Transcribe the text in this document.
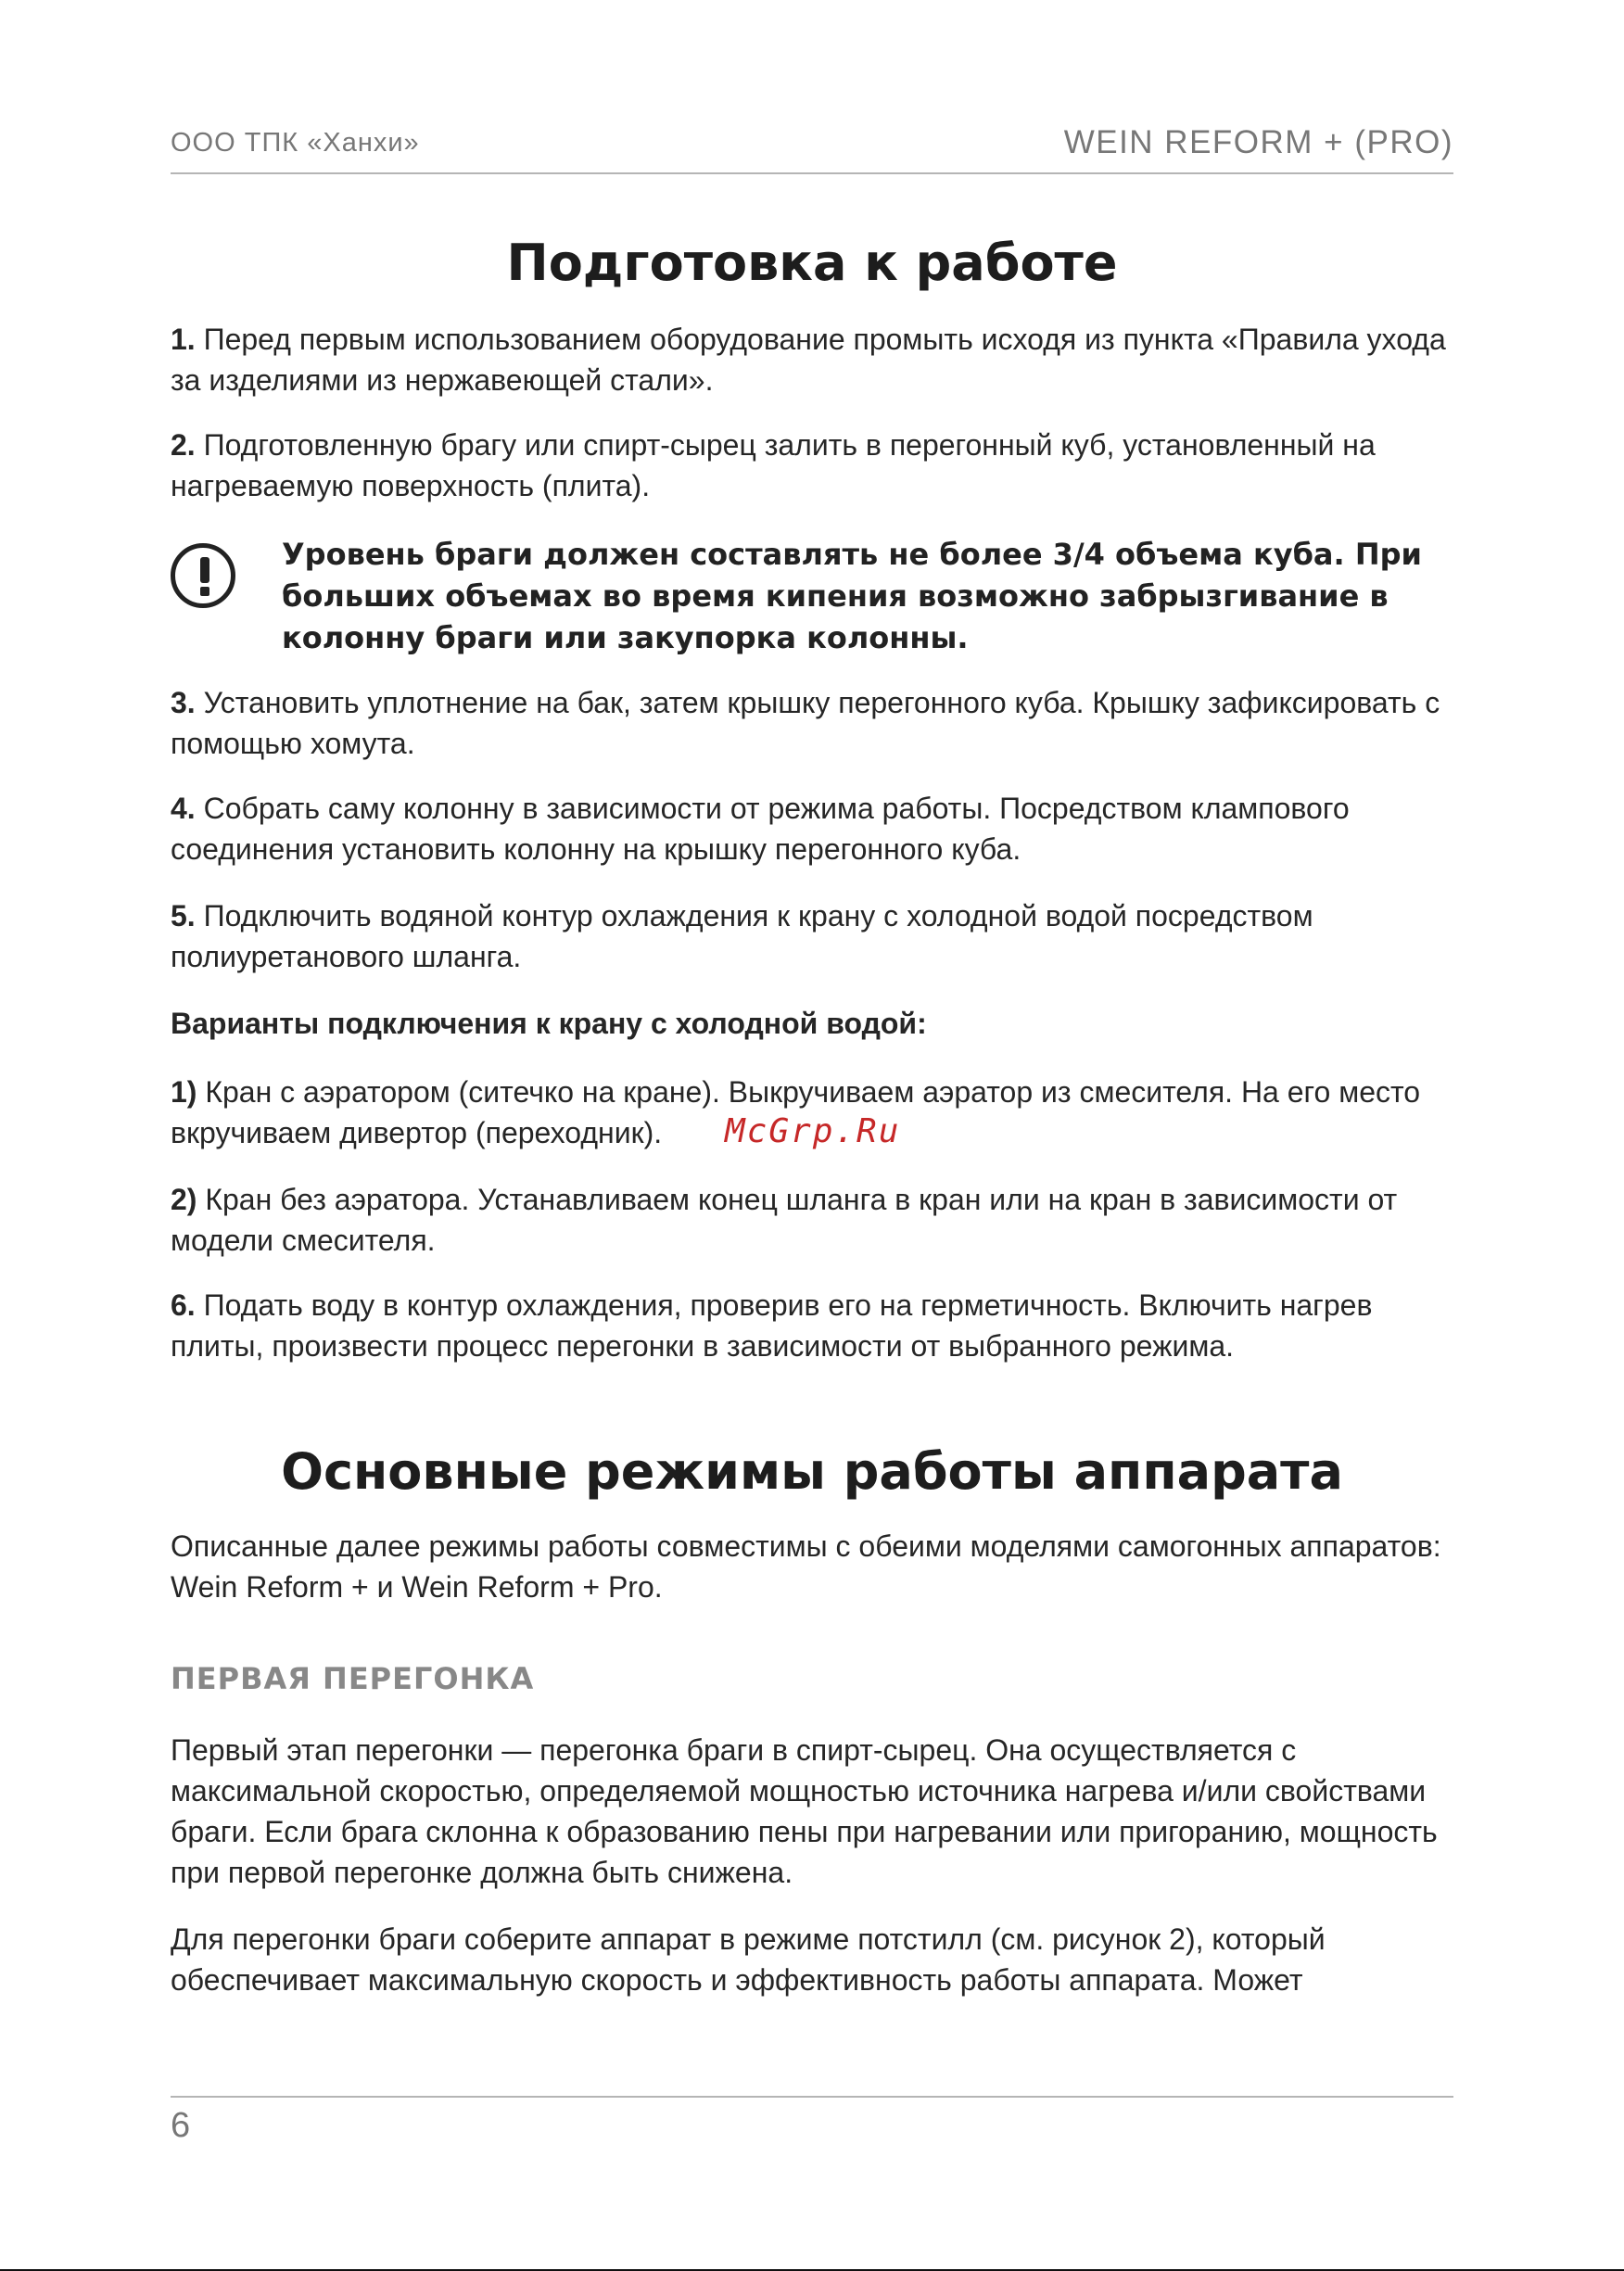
ООО ТПК «Ханхи»	WEIN REFORM + (PRO)
Подготовка к работе
1. Перед первым использованием оборудование промыть исходя из пункта «Правила ухода за изделиями из нержавеющей стали».
2. Подготовленную брагу или спирт-сырец залить в перегонный куб, установленный на нагреваемую поверхность (плита).
Уровень браги должен составлять не более 3/4 объема куба. При больших объемах во время кипения возможно забрызгивание в колонну браги или закупорка колонны.
3. Установить уплотнение на бак, затем крышку перегонного куба. Крышку зафиксировать с помощью хомута.
4. Собрать саму колонну в зависимости от режима работы. Посредством клампового соединения установить колонну на крышку перегонного куба.
5. Подключить водяной контур охлаждения к крану с холодной водой посредством полиуретанового шланга.
Варианты подключения к крану с холодной водой:
1) Кран с аэратором (ситечко на кране). Выкручиваем аэратор из смесителя. На его место вкручиваем дивертор (переходник).	McGrp.Ru
2) Кран без аэратора. Устанавливаем конец шланга в кран или на кран в зависимости от модели смесителя.
6. Подать воду в контур охлаждения, проверив его на герметичность. Включить нагрев плиты, произвести процесс перегонки в зависимости от выбранного режима.
Основные режимы работы аппарата
Описанные далее режимы работы совместимы с обеими моделями самогонных аппаратов: Wein Reform + и Wein Reform + Pro.
ПЕРВАЯ ПЕРЕГОНКА
Первый этап перегонки — перегонка браги в спирт-сырец. Она осуществляется с максимальной скоростью, определяемой мощностью источника нагрева и/или свойствами браги. Если брага склонна к образованию пены при нагревании или пригоранию, мощность при первой перегонке должна быть снижена.
Для перегонки браги соберите аппарат в режиме потстилл (см. рисунок 2), который обеспечивает максимальную скорость и эффективность работы аппарата. Может
6
